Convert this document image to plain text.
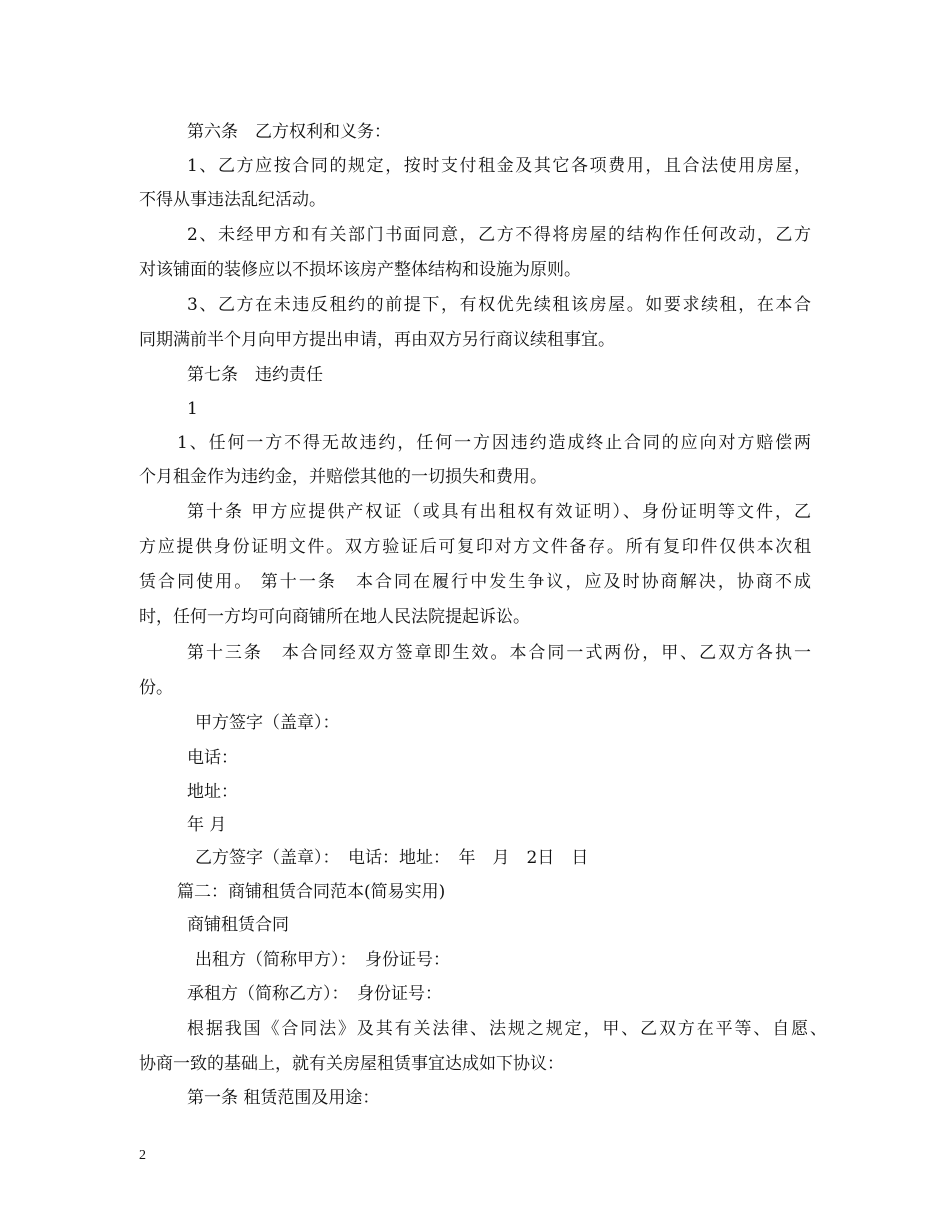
第六条　乙方权利和义务：

1、乙方应按合同的规定，按时支付租金及其它各项费用，且合法使用房屋，

不得从事违法乱纪活动。

2、未经甲方和有关部门书面同意，乙方不得将房屋的结构作任何改动，乙方

对该铺面的装修应以不损坏该房产整体结构和设施为原则。

3、乙方在未违反租约的前提下，有权优先续租该房屋。如要求续租，在本合

同期满前半个月向甲方提出申请，再由双方另行商议续租事宜。

第七条　违约责任

1

1、任何一方不得无故违约，任何一方因违约造成终止合同的应向对方赔偿两

个月租金作为违约金，并赔偿其他的一切损失和费用。

第十条 甲方应提供产权证（或具有出租权有效证明）、身份证明等文件，乙

方应提供身份证明文件。双方验证后可复印对方文件备存。所有复印件仅供本次租

赁合同使用。 第十一条　本合同在履行中发生争议，应及时协商解决，协商不成

时，任何一方均可向商铺所在地人民法院提起诉讼。

第十三条　本合同经双方签章即生效。本合同一式两份，甲、乙双方各执一

份。

甲方签字（盖章）：

电话：

地址：

年 月

乙方签字（盖章）：　电话：地址：　年　月　2日　日

篇二：商铺租赁合同范本(简易实用)

商铺租赁合同

出租方（简称甲方）：　身份证号：

承租方（简称乙方）：　身份证号：

根据我国《合同法》及其有关法律、法规之规定，甲、乙双方在平等、自愿、

协商一致的基础上，就有关房屋租赁事宜达成如下协议：

第一条 租赁范围及用途：

2
